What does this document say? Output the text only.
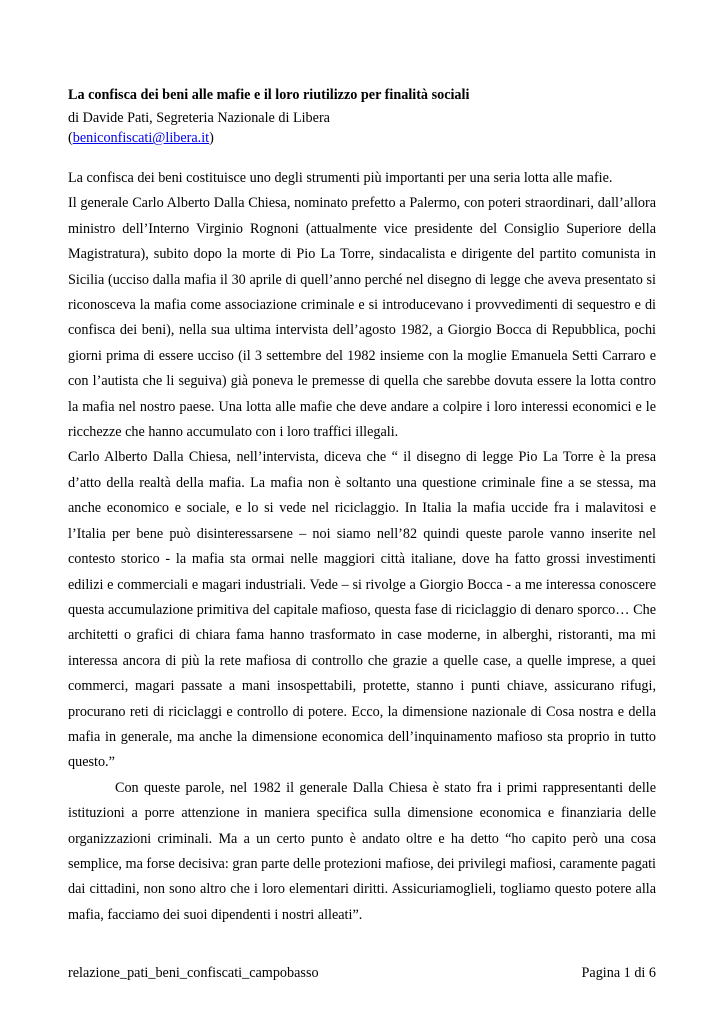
La confisca dei beni alle mafie e il loro riutilizzo per finalità sociali

di Davide Pati, Segreteria Nazionale di Libera

(beniconfiscati@libera.it)

La confisca dei beni costituisce uno degli strumenti più importanti per una seria lotta alle mafie.

Il generale Carlo Alberto Dalla Chiesa, nominato prefetto a Palermo, con poteri straordinari, dall’allora ministro dell’Interno Virginio Rognoni (attualmente vice presidente del Consiglio Superiore della Magistratura), subito dopo la morte di Pio La Torre, sindacalista e dirigente del partito comunista in Sicilia (ucciso dalla mafia il 30 aprile di quell’anno perché nel disegno di legge che aveva presentato si riconosceva la mafia come associazione criminale e si introducevano i provvedimenti di sequestro e di confisca dei beni), nella sua ultima intervista dell’agosto 1982, a Giorgio Bocca di Repubblica, pochi giorni prima di essere ucciso (il 3 settembre del 1982 insieme con la moglie Emanuela Setti Carraro e con l’autista che li seguiva) già poneva le premesse di quella che sarebbe dovuta essere la lotta contro la mafia nel nostro paese. Una lotta alle mafie che deve andare a colpire i loro interessi economici e le ricchezze che hanno accumulato con i loro traffici illegali.

Carlo Alberto Dalla Chiesa, nell’intervista, diceva che “ il disegno di legge Pio La Torre è la presa d’atto della realtà della mafia. La mafia non è soltanto una questione criminale fine a se stessa, ma anche economico e sociale, e lo si vede nel riciclaggio. In Italia la mafia uccide fra i malavitosi e l’Italia per bene può disinteressarsene – noi siamo nell’82 quindi queste parole vanno inserite nel contesto storico - la mafia sta ormai nelle maggiori città italiane, dove ha fatto grossi investimenti edilizi e commerciali e magari industriali. Vede – si rivolge a Giorgio Bocca - a me interessa conoscere questa accumulazione primitiva del capitale mafioso, questa fase di riciclaggio di denaro sporco… Che architetti o grafici di chiara fama hanno trasformato in case moderne, in alberghi, ristoranti, ma mi interessa ancora di più la rete mafiosa di controllo che grazie a quelle case, a quelle imprese, a quei commerci, magari passate a mani insospettabili, protette, stanno i punti chiave, assicurano rifugi, procurano reti di riciclaggi e controllo di potere. Ecco, la dimensione nazionale di Cosa nostra e della mafia in generale, ma anche la dimensione economica dell’inquinamento mafioso sta proprio in tutto questo.”

Con queste parole, nel 1982 il generale Dalla Chiesa è stato fra i primi rappresentanti delle istituzioni a porre attenzione in maniera specifica sulla dimensione economica e finanziaria delle organizzazioni criminali. Ma a un certo punto è andato oltre e ha detto “ho capito però una cosa semplice, ma forse decisiva: gran parte delle protezioni mafiose, dei privilegi mafiosi, caramente pagati dai cittadini, non sono altro che i loro elementari diritti. Assicuriamoglieli, togliamo questo potere alla mafia, facciamo dei suoi dipendenti i nostri alleati”.

relazione_pati_beni_confiscati_campobasso	Pagina 1 di 6
